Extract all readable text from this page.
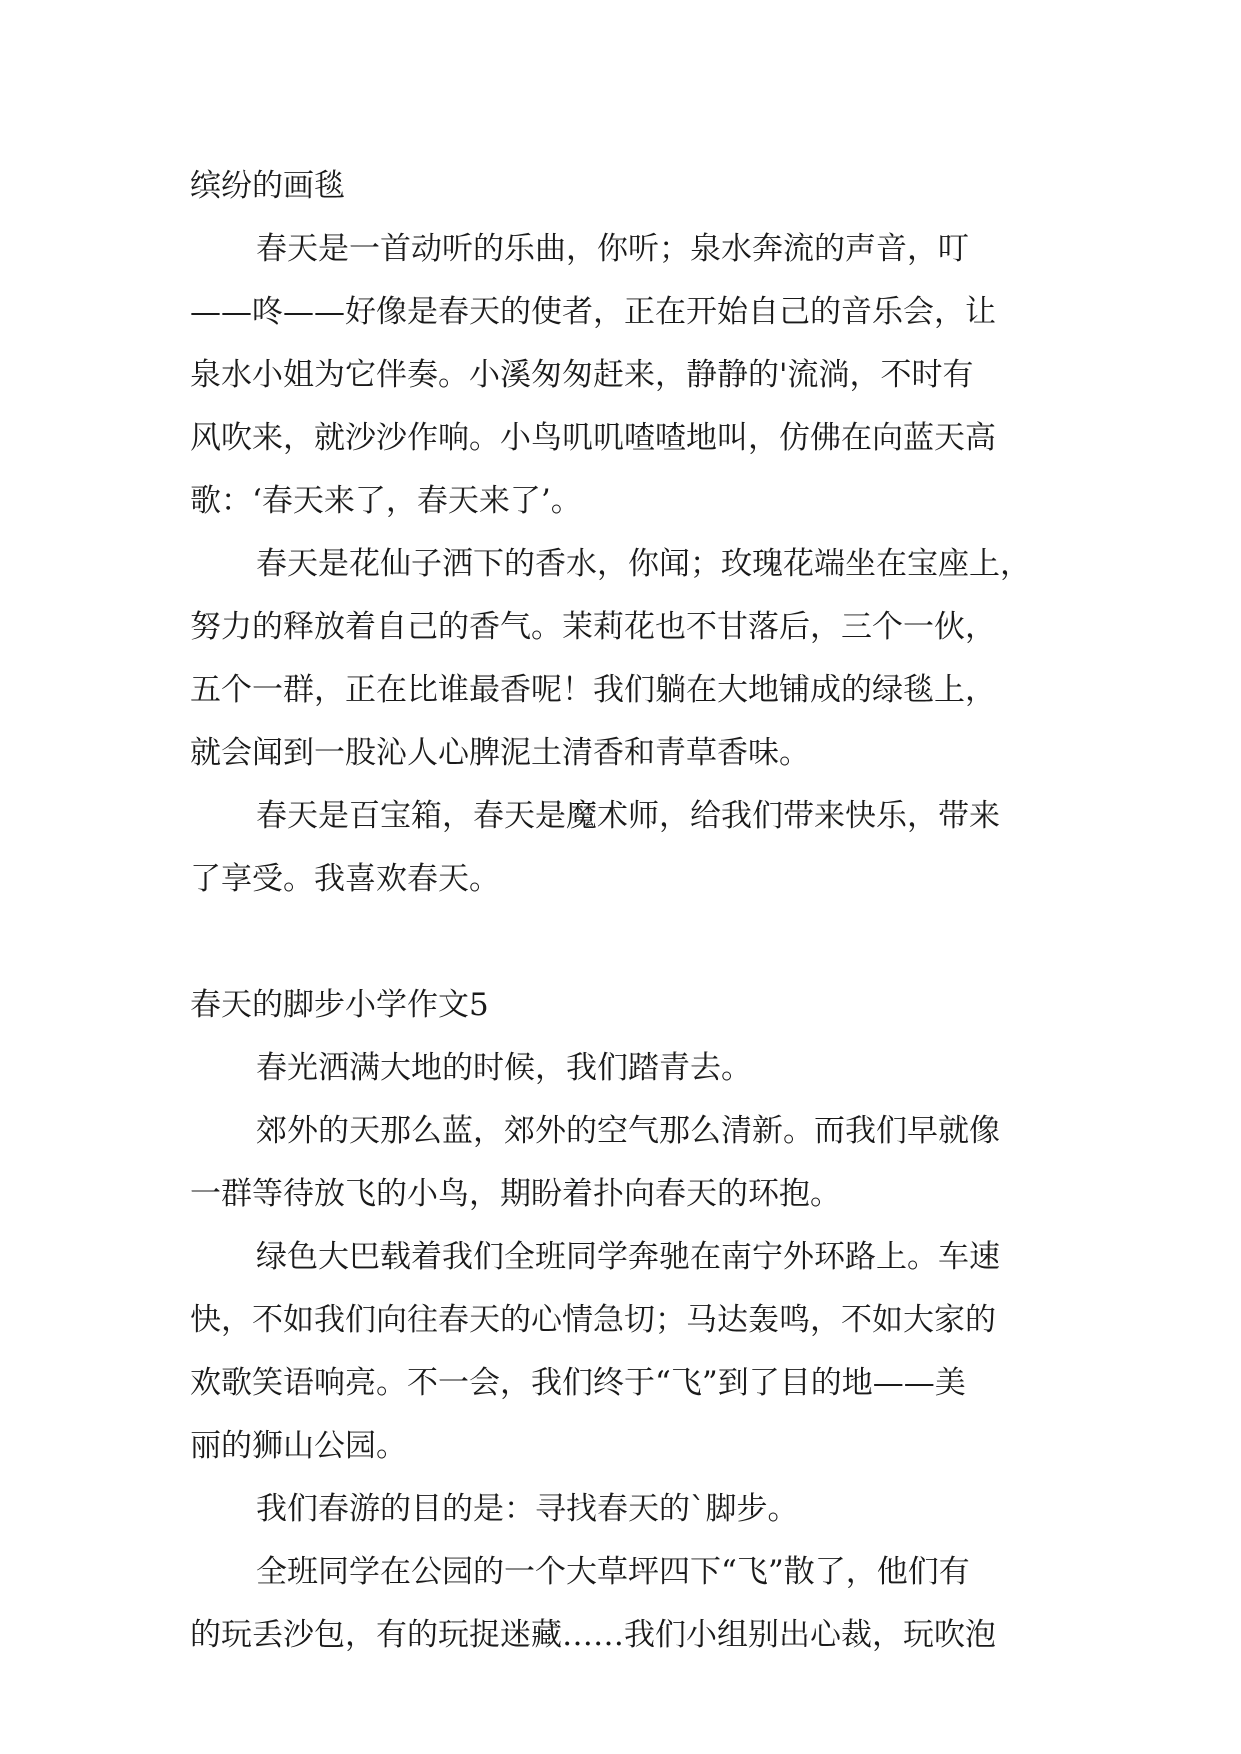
缤纷的画毯

春天是一首动听的乐曲，你听；泉水奔流的声音，叮

——咚——好像是春天的使者，正在开始自己的音乐会，让

泉水小姐为它伴奏。小溪匆匆赶来，静静的'流淌，不时有

风吹来，就沙沙作响。小鸟叽叽喳喳地叫，仿佛在向蓝天高

歌：‘春天来了，春天来了’。

春天是花仙子洒下的香水，你闻；玫瑰花端坐在宝座上，

努力的释放着自己的香气。茉莉花也不甘落后，三个一伙，

五个一群，正在比谁最香呢！我们躺在大地铺成的绿毯上，

就会闻到一股沁人心脾泥土清香和青草香味。

春天是百宝箱，春天是魔术师，给我们带来快乐，带来

了享受。我喜欢春天。

春天的脚步小学作文5

春光洒满大地的时候，我们踏青去。

郊外的天那么蓝，郊外的空气那么清新。而我们早就像

一群等待放飞的小鸟，期盼着扑向春天的环抱。

绿色大巴载着我们全班同学奔驰在南宁外环路上。车速

快，不如我们向往春天的心情急切；马达轰鸣，不如大家的

欢歌笑语响亮。不一会，我们终于“飞”到了目的地——美

丽的狮山公园。

我们春游的目的是：寻找春天的`脚步。

全班同学在公园的一个大草坪四下“飞”散了，他们有

的玩丢沙包，有的玩捉迷藏……我们小组别出心裁，玩吹泡
